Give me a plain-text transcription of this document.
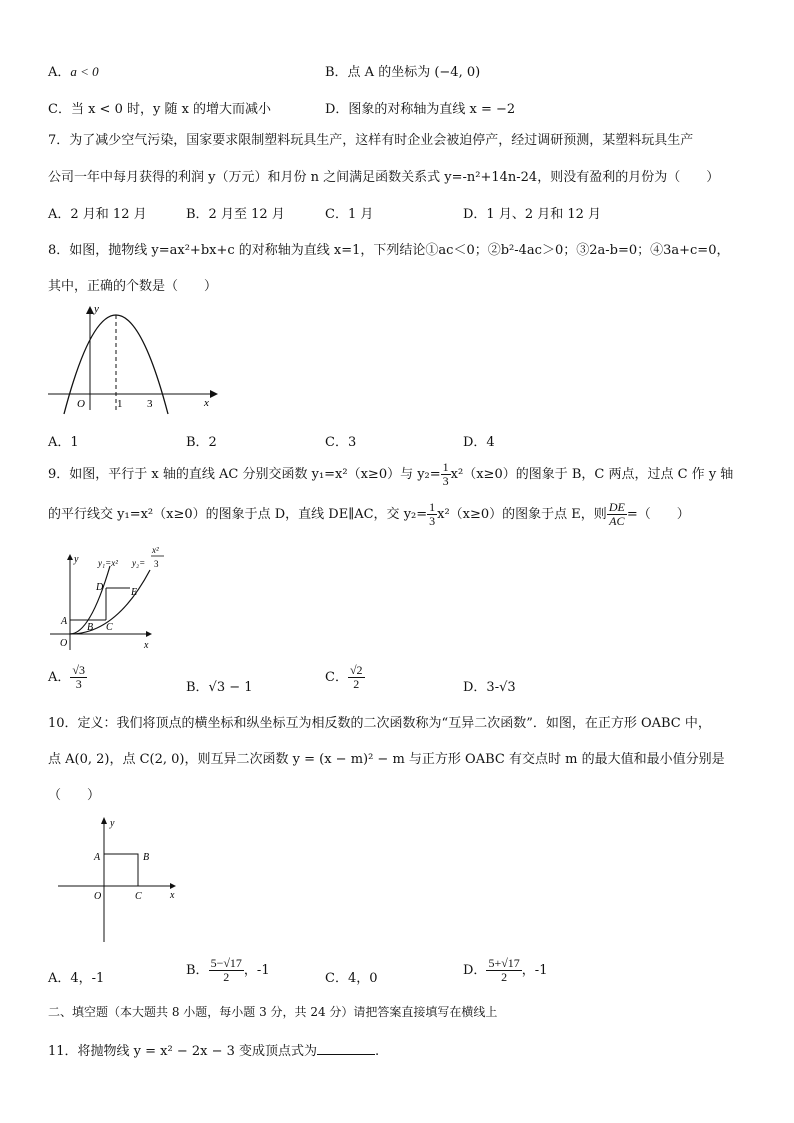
A．a < 0	B．点 A 的坐标为 (−4, 0)
C．当 x < 0 时，y 随 x 的增大而减小	D．图象的对称轴为直线 x = −2
7．为了减少空气污染，国家要求限制塑料玩具生产，这样有时企业会被迫停产，经过调研预测，某塑料玩具生产
公司一年中每月获得的利润 y（万元）和月份 n 之间满足函数关系式 y=-n²+14n-24，则没有盈利的月份为（　　）
A．2 月和 12 月	B．2 月至 12 月	C．1 月	D．1 月、2 月和 12 月
8．如图，抛物线 y=ax²+bx+c 的对称轴为直线 x=1，下列结论①ac＜0；②b²-4ac＞0；③2a-b=0；④3a+c=0，
其中，正确的个数是（　　）
y
x
O	1 3
A．1	B．2	C．3	D．4
9．如图，平行于 x 轴的直线 AC 分别交函数 y₁=x²（x≥0）与 $y_2= \frac{1}{3} x^2(x\ge 0)$的图象于 B，C 两点，过点 C 作 y 轴
的平行线交 y₁=x²（x≥0）的图象于点 D，直线 DE∥AC，交 $y_2= \frac{1}{3} x^2(x\ge 0)$的图象于点 E，则 $\frac{DE}{AC}$ =（　　）
y
x
O
y₁=x² y₂=
x²
3
A
B C
D	E
A． $\frac{√3}{3}$	B．√3 − 1
C． $\frac{√2}{2}$	D．3-√3
10．定义：我们将顶点的横坐标和纵坐标互为相反数的二次函数称为“互异二次函数”．如图，在正方形 OABC 中，
点 A(0, 2)，点 C(2, 0)，则互异二次函数 y = (x − m)² − m 与正方形 OABC 有交点时 m 的最大值和最小值分别是
（　　）
y
x
O
A	B
C
A．4，-1
B． $\frac{5-√17}{2}$ ，-1
C．4，0
D． $\frac{5+√17}{2}$ ，-1
二、填空题（本大题共 8 小题，每小题 3 分，共 24 分）请把答案直接填写在横线上
11．将抛物线 y = x² − 2x − 3 变成顶点式为	.
